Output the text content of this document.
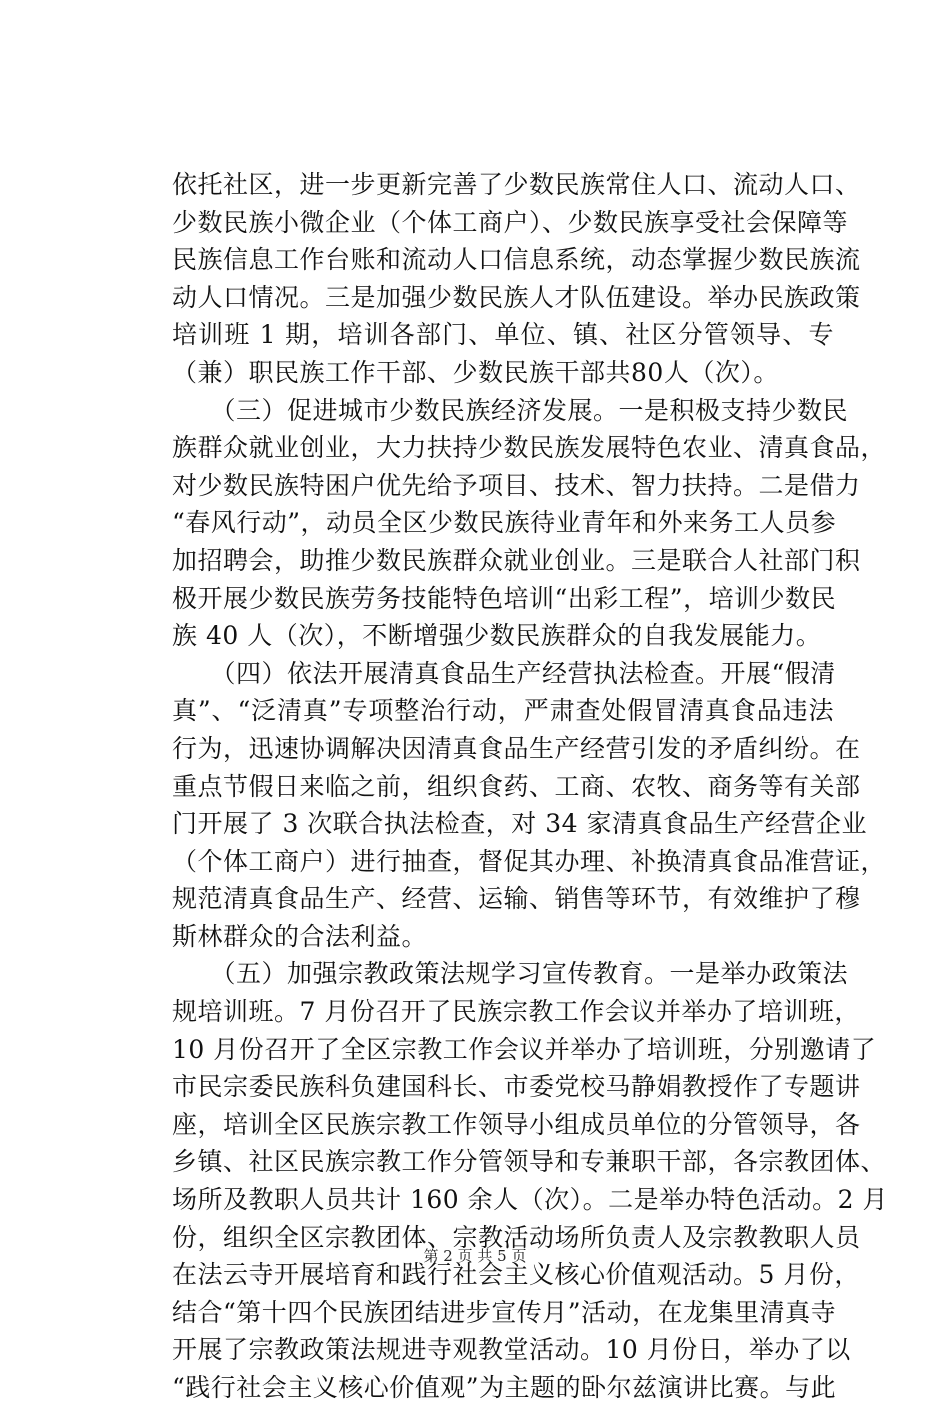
依托社区，进一步更新完善了少数民族常住人口、流动人口、
少数民族小微企业（个体工商户）、少数民族享受社会保障等
民族信息工作台账和流动人口信息系统，动态掌握少数民族流
动人口情况。三是加强少数民族人才队伍建设。举办民族政策
培训班 1 期，培训各部门、单位、镇、社区分管领导、专
（兼）职民族工作干部、少数民族干部共80人（次）。
　　（三）促进城市少数民族经济发展。一是积极支持少数民
族群众就业创业，大力扶持少数民族发展特色农业、清真食品，
对少数民族特困户优先给予项目、技术、智力扶持。二是借力
“春风行动”，动员全区少数民族待业青年和外来务工人员参
加招聘会，助推少数民族群众就业创业。三是联合人社部门积
极开展少数民族劳务技能特色培训“出彩工程”，培训少数民
族 40 人（次），不断增强少数民族群众的自我发展能力。
　　（四）依法开展清真食品生产经营执法检查。开展“假清
真”、“泛清真”专项整治行动，严肃查处假冒清真食品违法
行为，迅速协调解决因清真食品生产经营引发的矛盾纠纷。在
重点节假日来临之前，组织食药、工商、农牧、商务等有关部
门开展了 3 次联合执法检查，对 34 家清真食品生产经营企业
（个体工商户）进行抽查，督促其办理、补换清真食品准营证，
规范清真食品生产、经营、运输、销售等环节，有效维护了穆
斯林群众的合法利益。
　　（五）加强宗教政策法规学习宣传教育。一是举办政策法
规培训班。7 月份召开了民族宗教工作会议并举办了培训班，
10 月份召开了全区宗教工作会议并举办了培训班，分别邀请了
市民宗委民族科负建国科长、市委党校马静娟教授作了专题讲
座，培训全区民族宗教工作领导小组成员单位的分管领导，各
乡镇、社区民族宗教工作分管领导和专兼职干部，各宗教团体、
场所及教职人员共计 160 余人（次）。二是举办特色活动。2 月
份，组织全区宗教团体、宗教活动场所负责人及宗教教职人员
在法云寺开展培育和践行社会主义核心价值观活动。5 月份，
结合“第十四个民族团结进步宣传月”活动，在龙集里清真寺
开展了宗教政策法规进寺观教堂活动。10 月份日，举办了以
“践行社会主义核心价值观”为主题的卧尔兹演讲比赛。与此
第 2 页 共 5 页
